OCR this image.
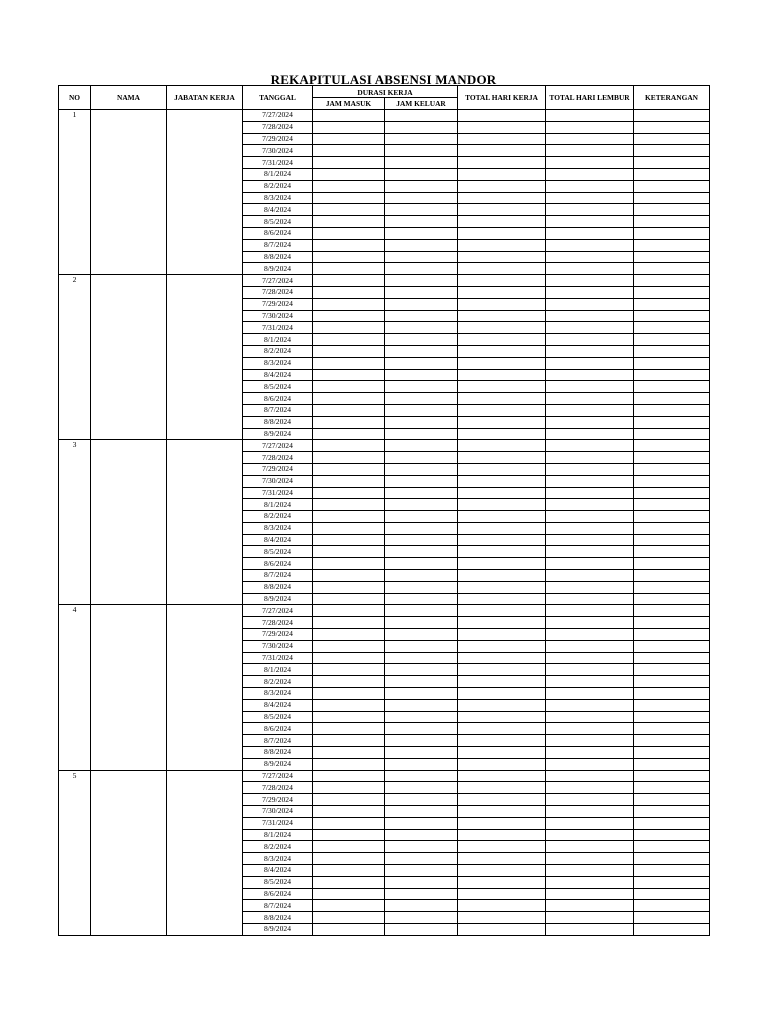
REKAPITULASI ABSENSI MANDOR
NO	NAMA	JABATAN KERJA	TANGGAL	DURASI KERJA		TOTAL HARI KERJA	TOTAL HARI LEMBUR	KETERANGAN
				JAM MASUK	JAM KELUAR			
1			7/27/2024					
			7/28/2024					
			7/29/2024					
			7/30/2024					
			7/31/2024					
			8/1/2024					
			8/2/2024					
			8/3/2024					
			8/4/2024					
			8/5/2024					
			8/6/2024					
			8/7/2024					
			8/8/2024					
			8/9/2024					
2			7/27/2024					
			7/28/2024					
			7/29/2024					
			7/30/2024					
			7/31/2024					
			8/1/2024					
			8/2/2024					
			8/3/2024					
			8/4/2024					
			8/5/2024					
			8/6/2024					
			8/7/2024					
			8/8/2024					
			8/9/2024					
3			7/27/2024					
			7/28/2024					
			7/29/2024					
			7/30/2024					
			7/31/2024					
			8/1/2024					
			8/2/2024					
			8/3/2024					
			8/4/2024					
			8/5/2024					
			8/6/2024					
			8/7/2024					
			8/8/2024					
			8/9/2024					
4			7/27/2024					
			7/28/2024					
			7/29/2024					
			7/30/2024					
			7/31/2024					
			8/1/2024					
			8/2/2024					
			8/3/2024					
			8/4/2024					
			8/5/2024					
			8/6/2024					
			8/7/2024					
			8/8/2024					
			8/9/2024					
5			7/27/2024					
			7/28/2024					
			7/29/2024					
			7/30/2024					
			7/31/2024					
			8/1/2024					
			8/2/2024					
			8/3/2024					
			8/4/2024					
			8/5/2024					
			8/6/2024					
			8/7/2024					
			8/8/2024					
			8/9/2024					
